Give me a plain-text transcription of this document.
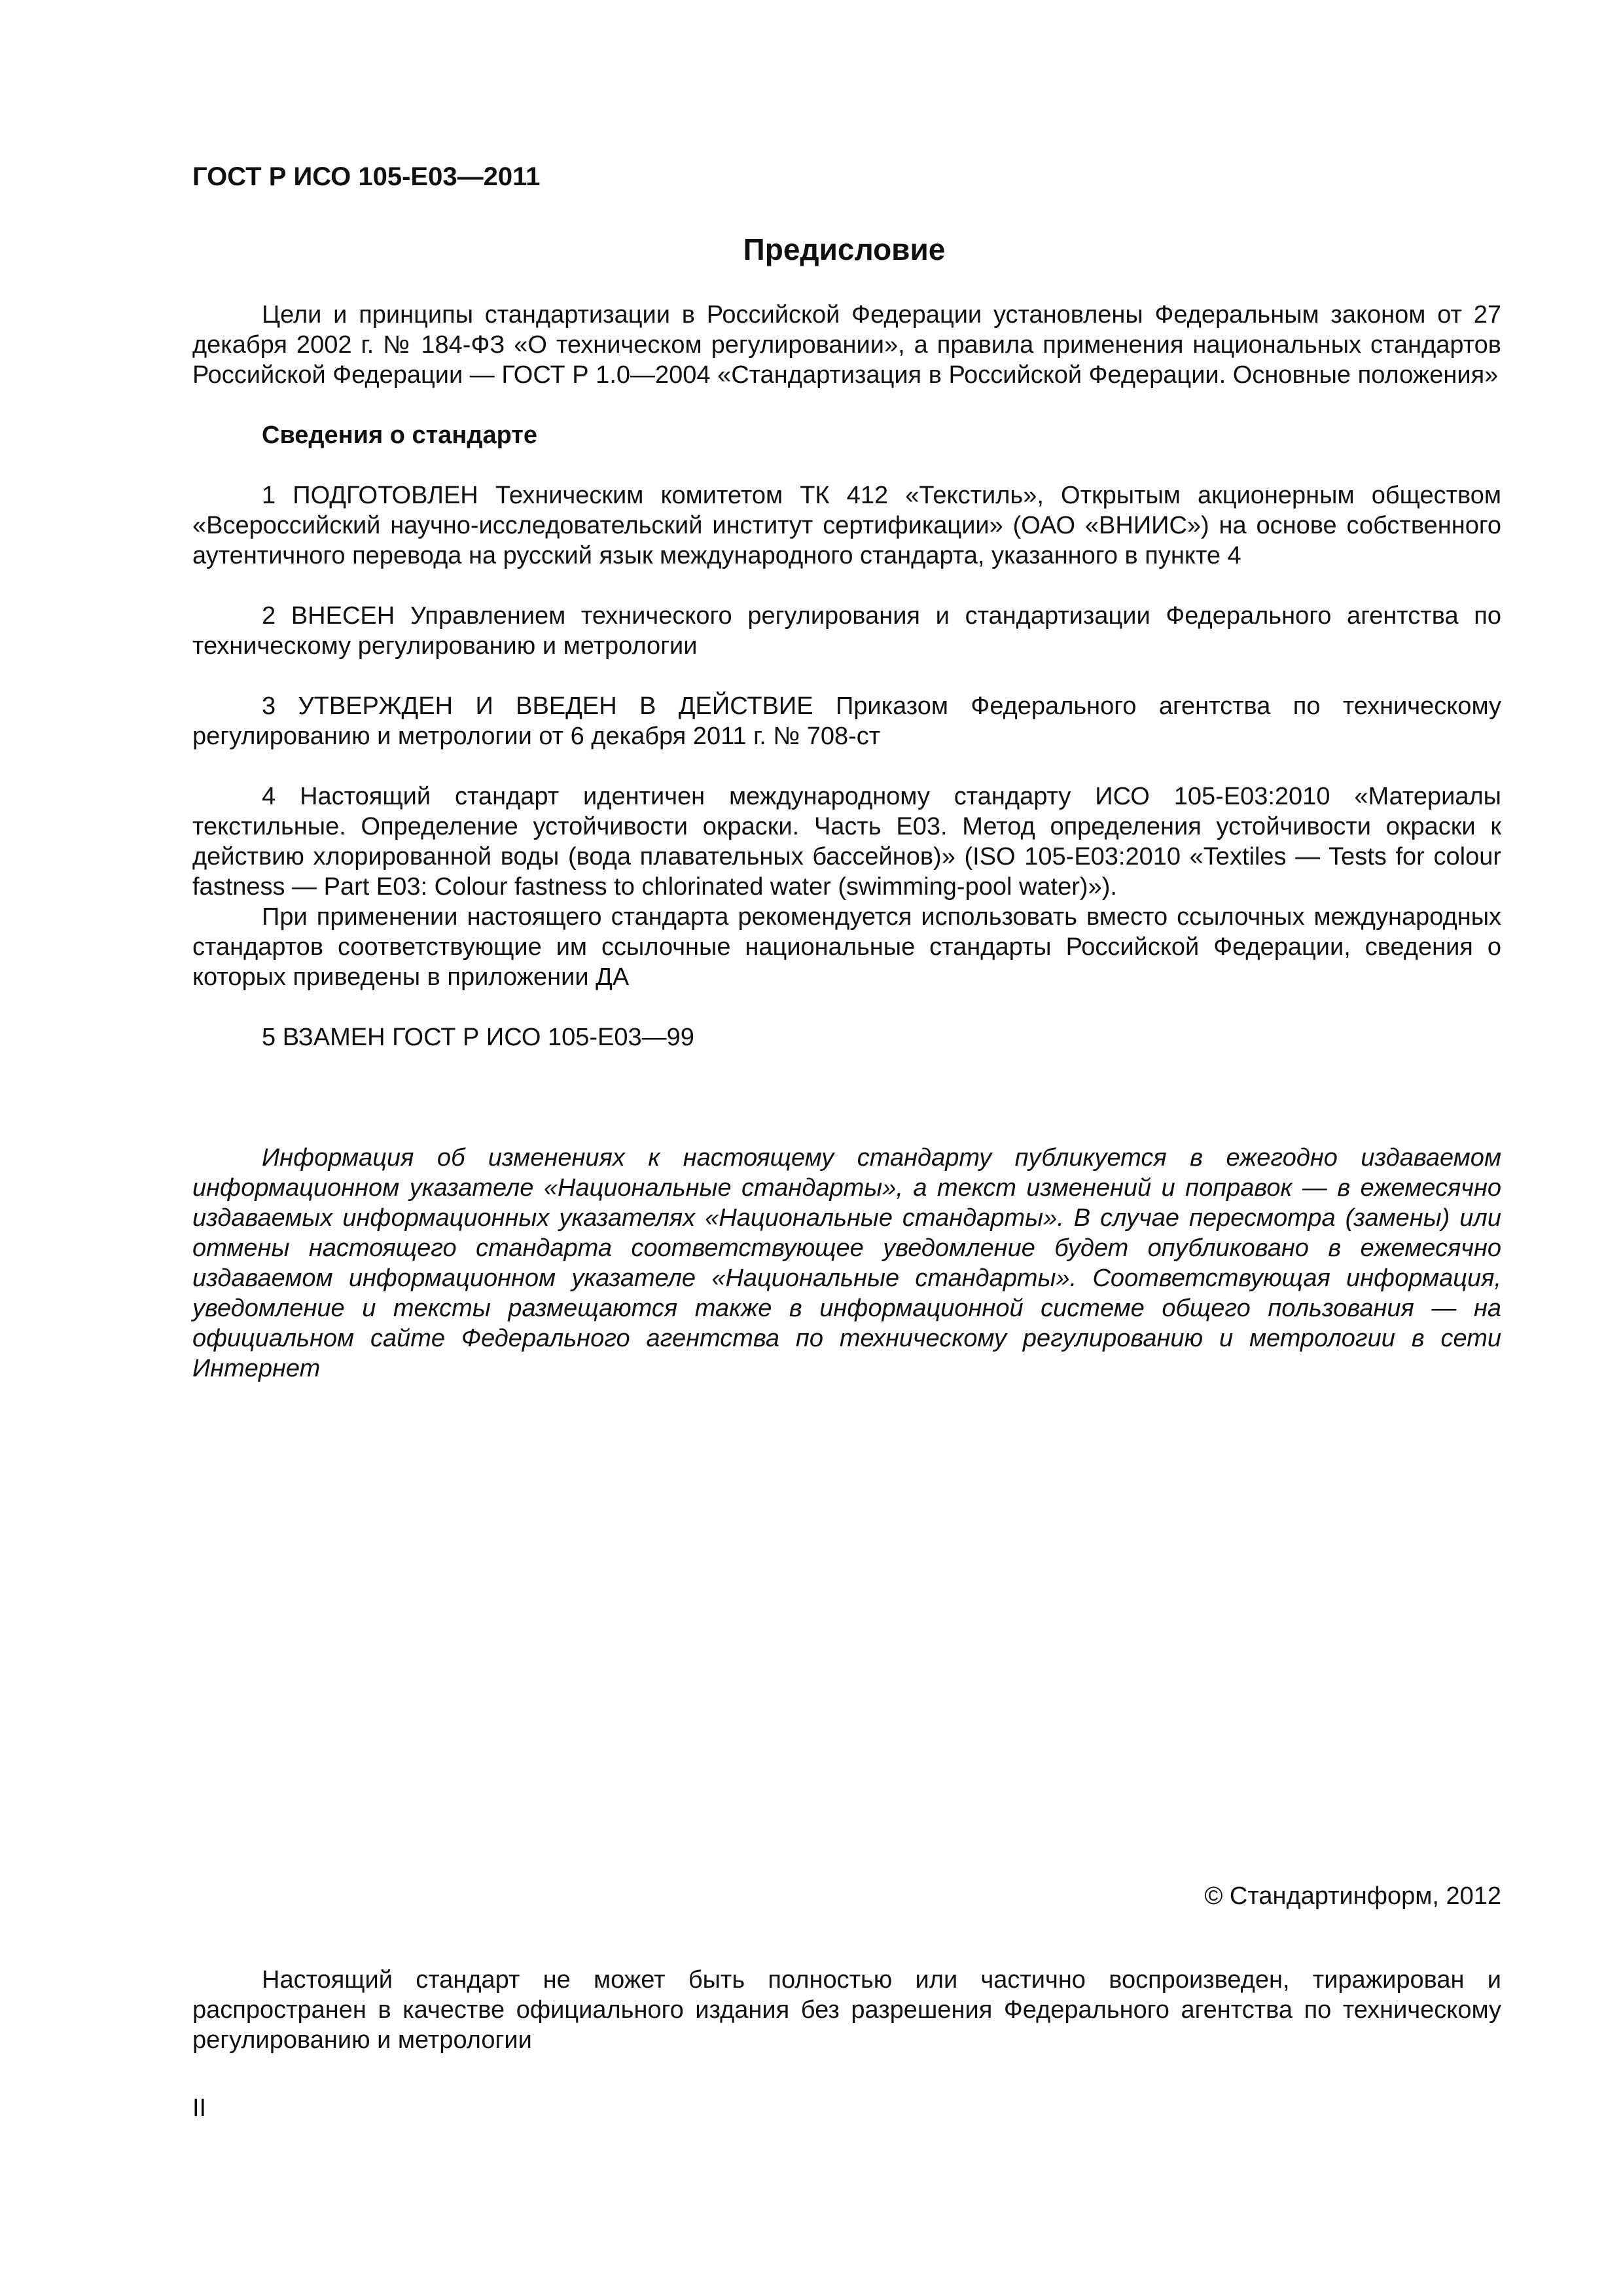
ГОСТ Р ИСО 105-Е03—2011
Предисловие

Цели и принципы стандартизации в Российской Федерации установлены Федеральным законом от 27 декабря 2002 г. № 184-ФЗ «О техническом регулировании», а правила применения национальных стандартов Российской Федерации — ГОСТ Р 1.0—2004 «Стандартизация в Российской Федерации. Основные положения»

Сведения о стандарте

1 ПОДГОТОВЛЕН Техническим комитетом ТК 412 «Текстиль», Открытым акционерным обществом «Всероссийский научно-исследовательский институт сертификации» (ОАО «ВНИИС») на основе собственного аутентичного перевода на русский язык международного стандарта, указанного в пункте 4

2 ВНЕСЕН Управлением технического регулирования и стандартизации Федерального агентства по техническому регулированию и метрологии

3 УТВЕРЖДЕН И ВВЕДЕН В ДЕЙСТВИЕ Приказом Федерального агентства по техническому регулированию и метрологии от 6 декабря 2011 г. № 708-ст

4 Настоящий стандарт идентичен международному стандарту ИСО 105-Е03:2010 «Материалы текстильные. Определение устойчивости окраски. Часть Е03. Метод определения устойчивости окраски к действию хлорированной воды (вода плавательных бассейнов)» (ISO 105-E03:2010 «Textiles — Tests for colour fastness — Part E03: Colour fastness to chlorinated water (swimming-pool water)»).

При применении настоящего стандарта рекомендуется использовать вместо ссылочных международных стандартов соответствующие им ссылочные национальные стандарты Российской Федерации, сведения о которых приведены в приложении ДА

5 ВЗАМЕН ГОСТ Р ИСО 105-Е03—99

Информация об изменениях к настоящему стандарту публикуется в ежегодно издаваемом информационном указателе «Национальные стандарты», а текст изменений и поправок — в ежемесячно издаваемых информационных указателях «Национальные стандарты». В случае пересмотра (замены) или отмены настоящего стандарта соответствующее уведомление будет опубликовано в ежемесячно издаваемом информационном указателе «Национальные стандарты». Соответствующая информация, уведомление и тексты размещаются также в информационной системе общего пользования — на официальном сайте Федерального агентства по техническому регулированию и метрологии в сети Интернет

© Стандартинформ, 2012

Настоящий стандарт не может быть полностью или частично воспроизведен, тиражирован и распространен в качестве официального издания без разрешения Федерального агентства по техническому регулированию и метрологии

II
